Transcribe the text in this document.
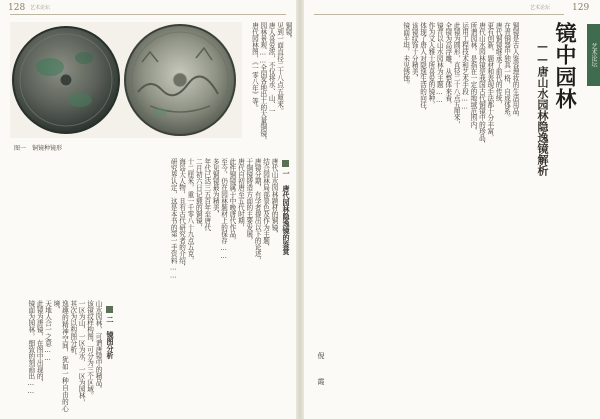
128 艺术论坛
图一　铜镜种镜形
铜镜。
见到一面直径二十八点五厘米。
唐人喜爱浓，不仅将水、山、一
园林景观……全国各地出土的大量铜镜，
唐代园林图，《一零八年》等。
一 唐代园林隐逸镜的鉴赏
唐代山水园林题材的铜镜，
结合园林局部景色及作为主题，
唐镜分期，有学者提出以下的论述，
于铜镜铸造方面的主要发展，
唐代自初唐至五代时期，
此件铜镜属于中晚唐代作品，
至今，仍在园林题材上的保存……
多见铜镜最为精美，
年代已达三五百年至唐代
二月初六日记载的铜镜，
十二厘米，重一千零八十九点五克，
海岛大人物，且有古代研究者的介绍，
研究界认定，这是本书的第一手资料……
二 镜图分析
山水园林，可谓唐镜中的精品。
该镜纹样构图，可分为三个区域。
一区为山，一区为水，一区为园林，
其次为以构图分析，
逸趣的精神空间，犹如一种自由的心境，
天地人合一之意……
此镜为唐镜，在图中出现的，
镜面为园林，细致的刻画出……
艺术论坛 129
艺术论坛
镜中园林
——唐山水园林隐逸镜解析
铜镜是古人鉴容理妆的生活用品，
在青铜器中独具一格，自成体系。
唐代铜镜继承了前代的传统，
更有创新，题材和表现手法都十分丰富，
唐代山水园林镜是我国古代铜镜中的珍品，
所谓园林，是指在一定的地域范围内，
运用工程技术和艺术手段……
此镜为圆形，直径二十八点五厘米，
全镜为高浮雕，从整体来看，
镜背以山水园林为主题……
作为文人雅士所喜爱的镜种，
体现了唐人对隐逸生活的向往，
该镜纹饰十分精美，
镜面平坦，未见锈蚀。
倪　霞
